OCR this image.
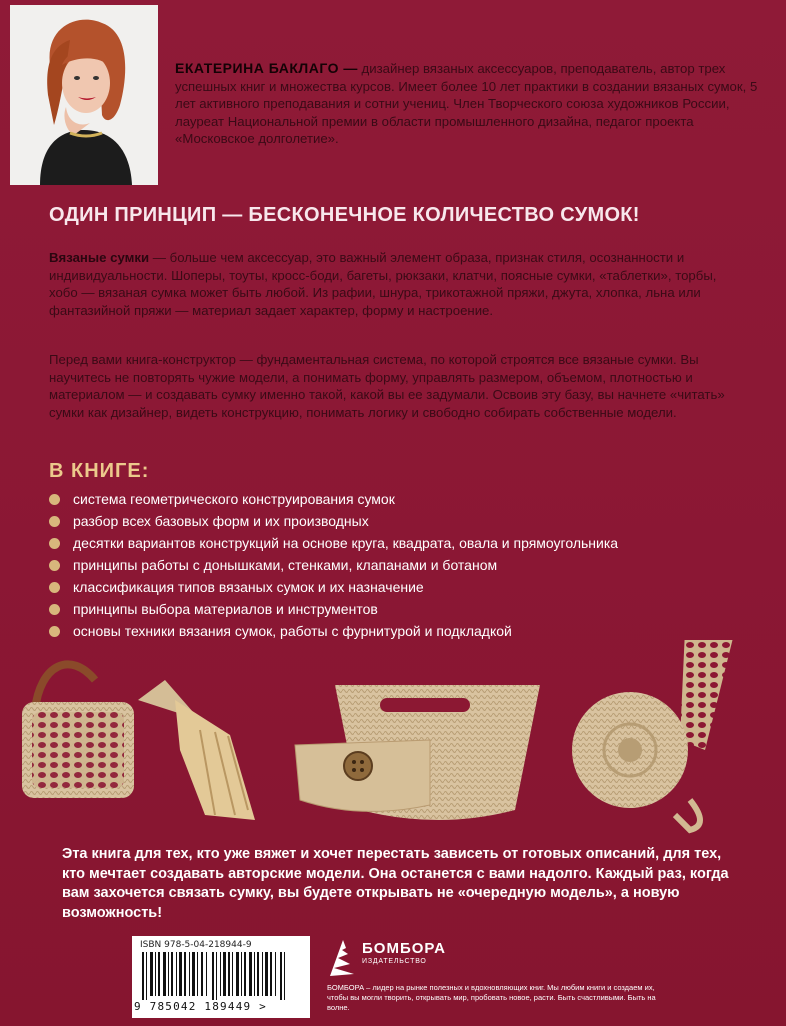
ЕКАТЕРИНА БАКЛАГО — дизайнер вязаных аксессуаров, преподаватель, автор трех успешных книг и множества курсов. Имеет более 10 лет практики в создании вязаных сумок, 5 лет активного преподавания и сотни учениц. Член Творческого союза художников России, лауреат Национальной премии в области промышленного дизайна, педагог проекта «Московское долголетие».
ОДИН ПРИНЦИП — БЕСКОНЕЧНОЕ КОЛИЧЕСТВО СУМОК!
Вязаные сумки — больше чем аксессуар, это важный элемент образа, признак стиля, осознанности и индивидуальности. Шоперы, тоуты, кросс-боди, багеты, рюкзаки, клатчи, поясные сумки, «таблетки», торбы, хобо — вязаная сумка может быть любой. Из рафии, шнура, трикотажной пряжи, джута, хлопка, льна или фантазийной пряжи — материал задает характер, форму и настроение.
Перед вами книга-конструктор — фундаментальная система, по которой строятся все вязаные сумки. Вы научитесь не повторять чужие модели, а понимать форму, управлять размером, объемом, плотностью и материалом — и создавать сумку именно такой, какой вы ее задумали. Освоив эту базу, вы начнете «читать» сумки как дизайнер, видеть конструкцию, понимать логику и свободно собирать собственные модели.
В КНИГЕ:
система геометрического конструирования сумок
разбор всех базовых форм и их производных
десятки вариантов конструкций на основе круга, квадрата, овала и прямоугольника
принципы работы с донышками, стенками, клапанами и ботаном
классификация типов вязаных сумок и их назначение
принципы выбора материалов и инструментов
основы техники вязания сумок, работы с фурнитурой и подкладкой
Эта книга для тех, кто уже вяжет и хочет перестать зависеть от готовых описаний, для тех, кто мечтает создавать авторские модели. Она останется с вами надолго. Каждый раз, когда вам захочется связать сумку, вы будете открывать не «очередную модель», а новую возможность!
ISBN 978-5-04-218944-9
9 785042 189449 >
БОМБОРА
ИЗДАТЕЛЬСТВО
БОМБОРА – лидер на рынке полезных и вдохновляющих книг. Мы любим книги и создаем их, чтобы вы могли творить, открывать мир, пробовать новое, расти. Быть счастливыми. Быть на волне.
